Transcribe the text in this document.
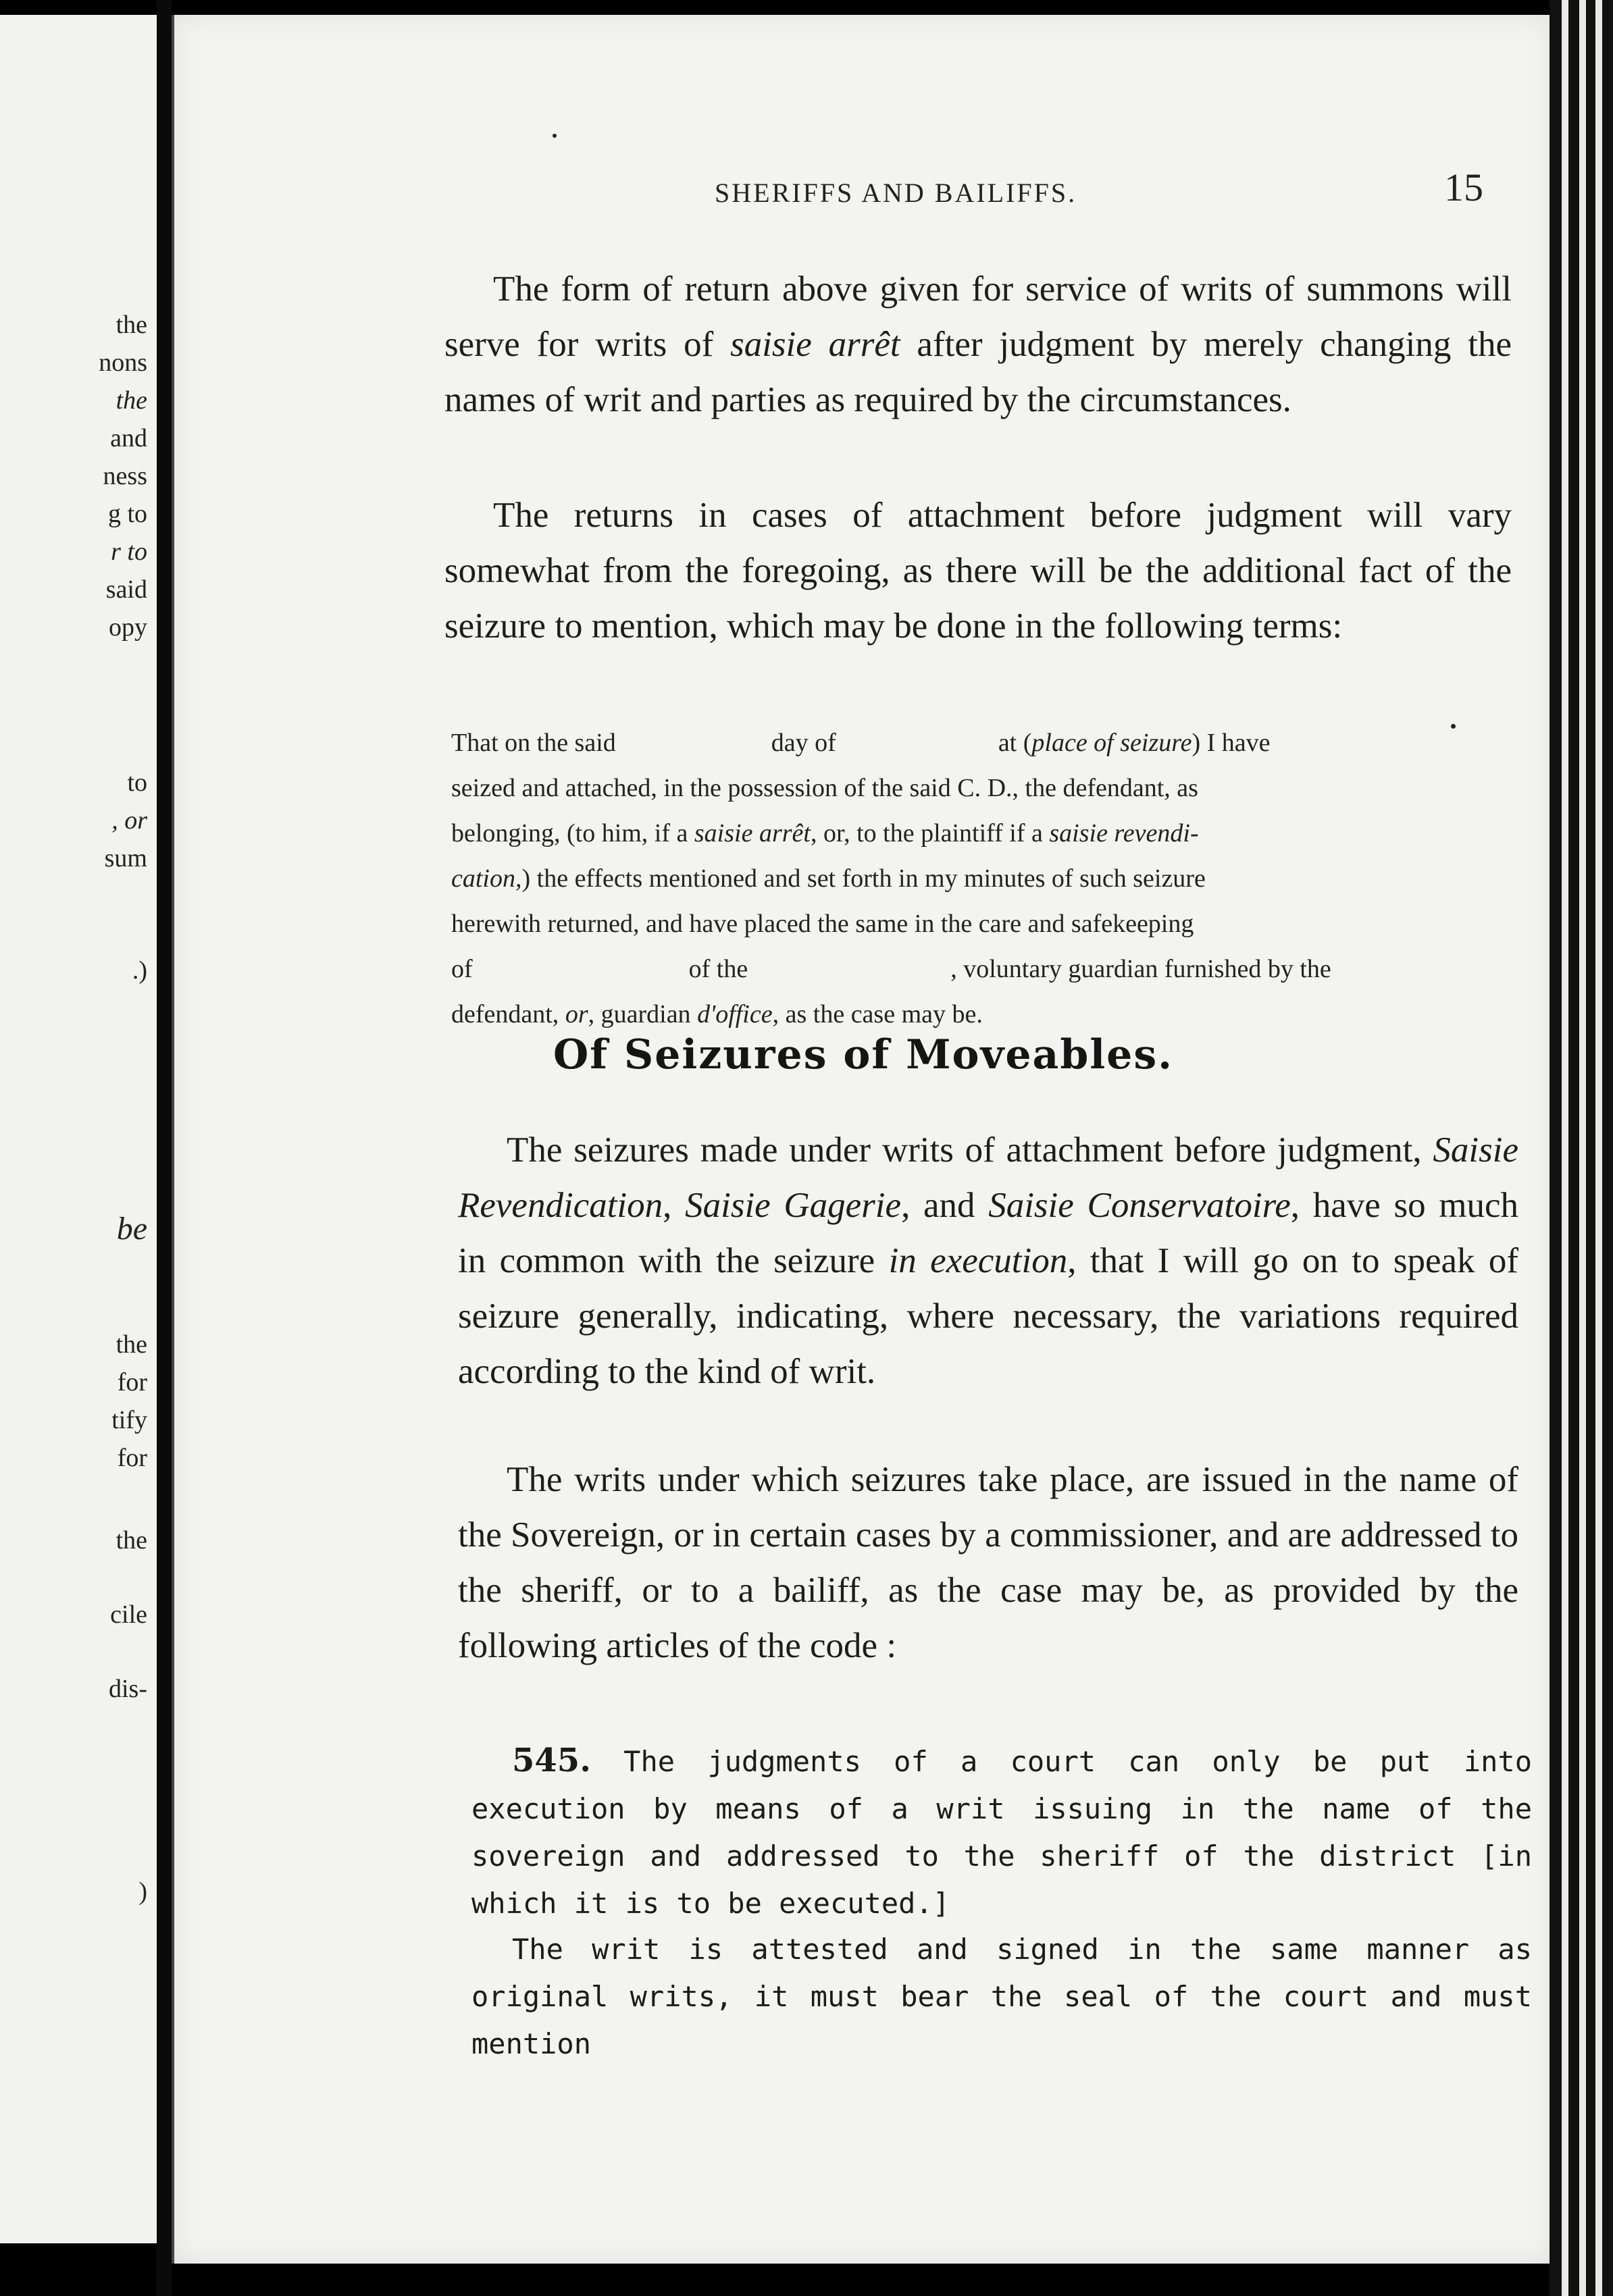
the
nons
the
and
ness
g to
r to
said
opy
to
, or
sum
.)
be
the
for
tify
for
the
cile
dis-
)
SHERIFFS AND BAILIFFS.	15

The form of return above given for service of writs of summons will serve for writs of saisie arrêt after judgment by merely changing the names of writ and parties as required by the circumstances.

The returns in cases of attachment before judgment will vary somewhat from the foregoing, as there will be the additional fact of the seizure to mention, which may be done in the following terms:

That on the said	day of	at (place of seizure) I have
seized and attached, in the possession of the said C. D., the defendant, as
belonging, (to him, if a saisie arrêt, or, to the plaintiff if a saisie revendi-
cation,) the effects mentioned and set forth in my minutes of such seizure
herewith returned, and have placed the same in the care and safekeeping
of	of the	, voluntary guardian furnished by the
defendant, or, guardian d'office, as the case may be.
Of Seizures of Moveables.

The seizures made under writs of attachment before judgment, Saisie Revendication, Saisie Gagerie, and Saisie Conservatoire, have so much in common with the seizure in execution, that I will go on to speak of seizure generally, indicating, where necessary, the variations required according to the kind of writ.

The writs under which seizures take place, are issued in the name of the Sovereign, or in certain cases by a commissioner, and are addressed to the sheriff, or to a bailiff, as the case may be, as provided by the following articles of the code :

545. The judgments of a court can only be put into execution by means of a writ issuing in the name of the sovereign and addressed to the sheriff of the district [in which it is to be executed.]

The writ is attested and signed in the same manner as original writs, it must bear the seal of the court and must mention
